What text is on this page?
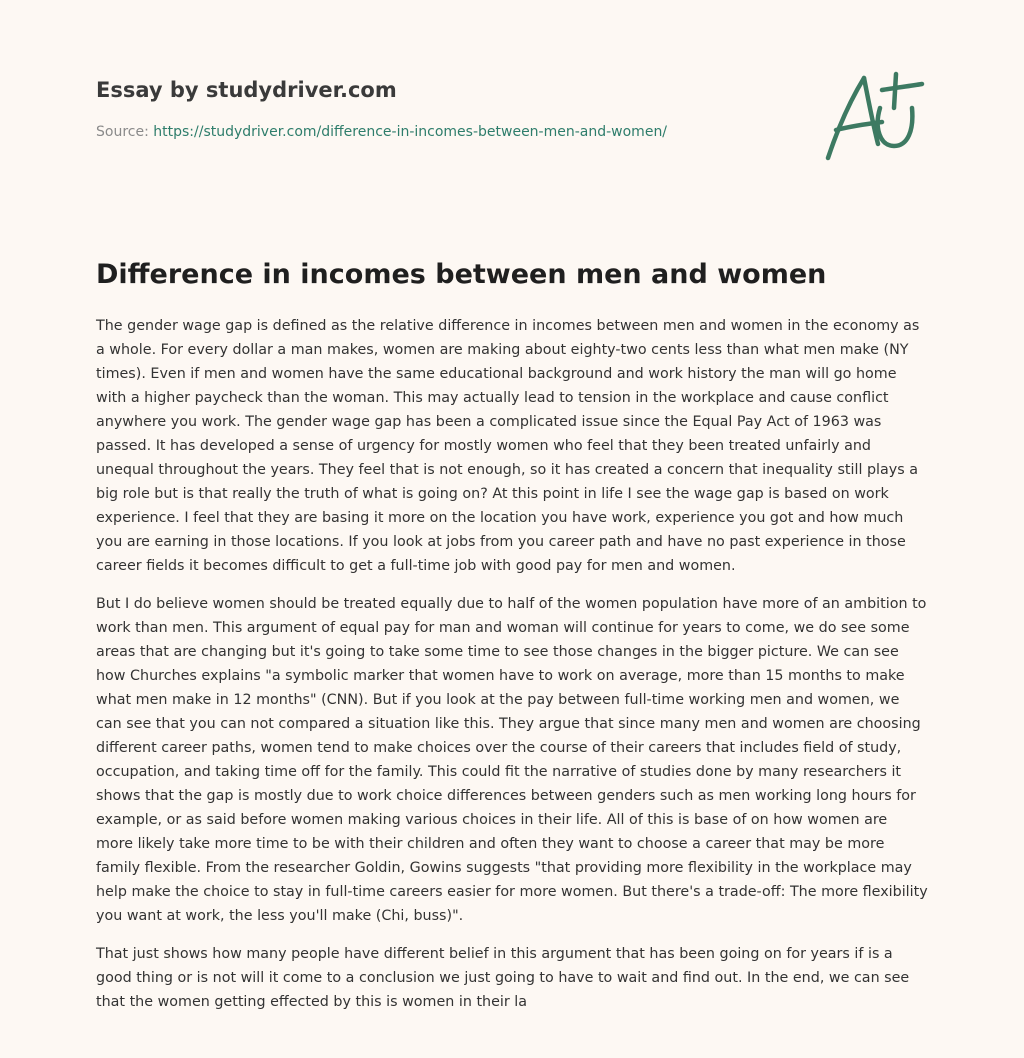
Essay by studydriver.com
Source: https://studydriver.com/difference-in-incomes-between-men-and-women/
Difference in incomes between men and women

The gender wage gap is defined as the relative difference in incomes between men and women in the economy as a whole. For every dollar a man makes, women are making about eighty-two cents less than what men make (NY times). Even if men and women have the same educational background and work history the man will go home with a higher paycheck than the woman. This may actually lead to tension in the workplace and cause conflict anywhere you work. The gender wage gap has been a complicated issue since the Equal Pay Act of 1963 was passed. It has developed a sense of urgency for mostly women who feel that they been treated unfairly and unequal throughout the years. They feel that is not enough, so it has created a concern that inequality still plays a big role but is that really the truth of what is going on? At this point in life I see the wage gap is based on work experience. I feel that they are basing it more on the location you have work, experience you got and how much you are earning in those locations. If you look at jobs from you career path and have no past experience in those career fields it becomes difficult to get a full-time job with good pay for men and women.

But I do believe women should be treated equally due to half of the women population have more of an ambition to work than men. This argument of equal pay for man and woman will continue for years to come, we do see some areas that are changing but it's going to take some time to see those changes in the bigger picture. We can see how Churches explains "a symbolic marker that women have to work on average, more than 15 months to make what men make in 12 months" (CNN). But if you look at the pay between full-time working men and women, we can see that you can not compared a situation like this. They argue that since many men and women are choosing different career paths, women tend to make choices over the course of their careers that includes field of study, occupation, and taking time off for the family. This could fit the narrative of studies done by many researchers it shows that the gap is mostly due to work choice differences between genders such as men working long hours for example, or as said before women making various choices in their life. All of this is base of on how women are more likely take more time to be with their children and often they want to choose a career that may be more family flexible. From the researcher Goldin, Gowins suggests "that providing more flexibility in the workplace may help make the choice to stay in full-time careers easier for more women. But there's a trade-off: The more flexibility you want at work, the less you'll make (Chi, buss)".

That just shows how many people have different belief in this argument that has been going on for years if is a good thing or is not will it come to a conclusion we just going to have to wait and find out. In the end, we can see that the women getting effected by this is women in their la
